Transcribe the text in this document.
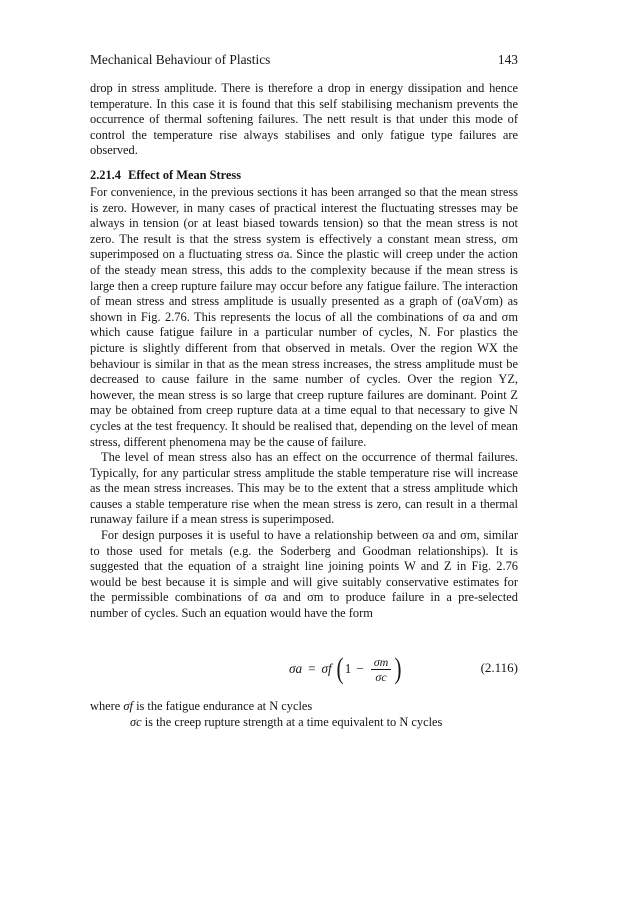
Mechanical Behaviour of Plastics	143

drop in stress amplitude. There is therefore a drop in energy dissipation and hence temperature. In this case it is found that this self stabilising mechanism prevents the occurrence of thermal softening failures. The nett result is that under this mode of control the temperature rise always stabilises and only fatigue type failures are observed.

2.21.4 Effect of Mean Stress

For convenience, in the previous sections it has been arranged so that the mean stress is zero. However, in many cases of practical interest the fluctuating stresses may be always in tension (or at least biased towards tension) so that the mean stress is not zero. The result is that the stress system is effectively a constant mean stress, σm superimposed on a fluctuating stress σa. Since the plastic will creep under the action of the steady mean stress, this adds to the complexity because if the mean stress is large then a creep rupture failure may occur before any fatigue failure. The interaction of mean stress and stress amplitude is usually presented as a graph of (σaVσm) as shown in Fig. 2.76. This represents the locus of all the combinations of σa and σm which cause fatigue failure in a particular number of cycles, N. For plastics the picture is slightly different from that observed in metals. Over the region WX the behaviour is similar in that as the mean stress increases, the stress amplitude must be decreased to cause failure in the same number of cycles. Over the region YZ, however, the mean stress is so large that creep rupture failures are dominant. Point Z may be obtained from creep rupture data at a time equal to that necessary to give N cycles at the test frequency. It should be realised that, depending on the level of mean stress, different phenomena may be the cause of failure.

The level of mean stress also has an effect on the occurrence of thermal failures. Typically, for any particular stress amplitude the stable temperature rise will increase as the mean stress increases. This may be to the extent that a stress amplitude which causes a stable temperature rise when the mean stress is zero, can result in a thermal runaway failure if a mean stress is superimposed.

For design purposes it is useful to have a relationship between σa and σm, similar to those used for metals (e.g. the Soderberg and Goodman relationships). It is suggested that the equation of a straight line joining points W and Z in Fig. 2.76 would be best because it is simple and will give suitably conservative estimates for the permissible combinations of σa and σm to produce failure in a pre-selected number of cycles. Such an equation would have the form

σa = σf ( $1 - \frac{\sigma m}{\sigma c}$ )	(2.116)
where σf is the fatigue endurance at N cycles
σc is the creep rupture strength at a time equivalent to N cycles
